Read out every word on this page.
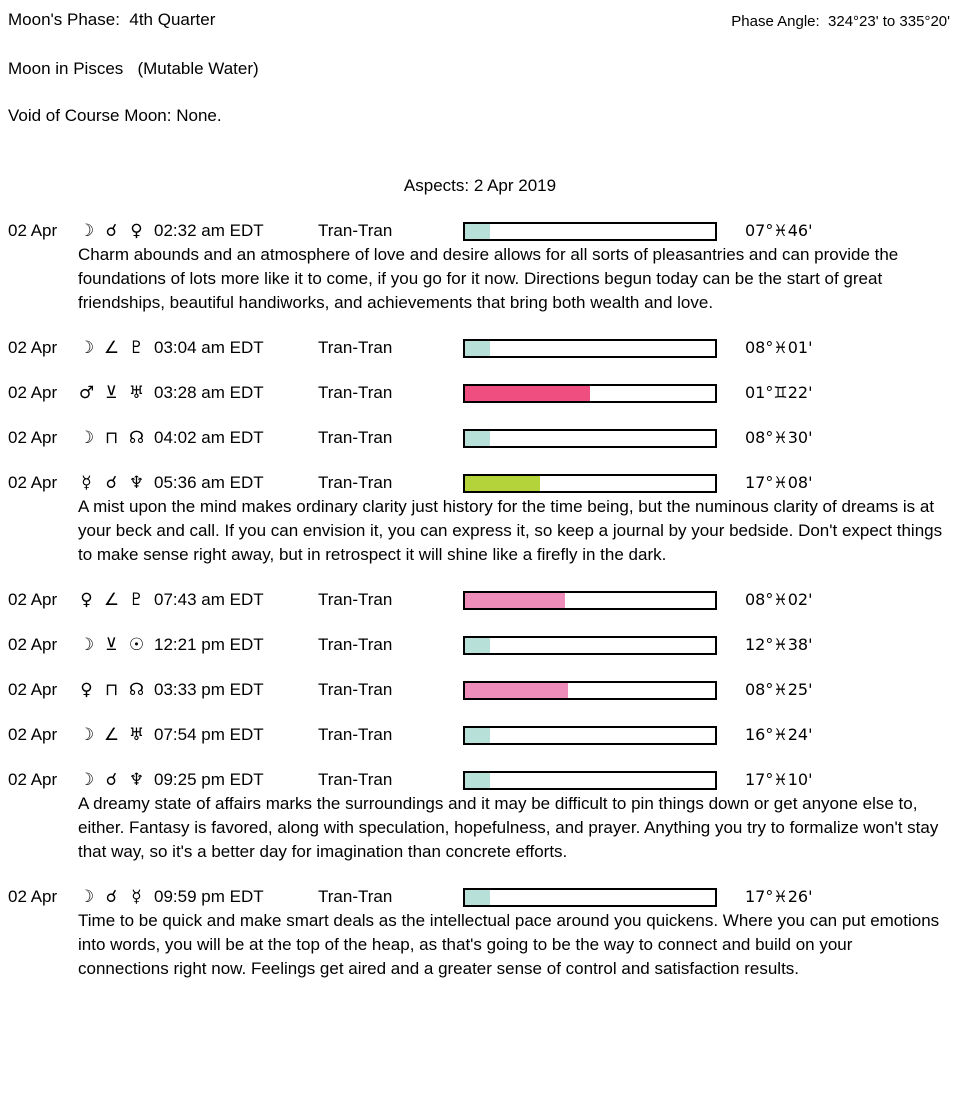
Moon's Phase:  4th Quarter	Phase Angle:  324°23' to 335°20'
Moon in Pisces   (Mutable Water)
Void of Course Moon: None.
Aspects: 2 Apr 2019
02 Apr	☽ ☌ ♀ 02:32 am EDT	Tran-Tran	07°♓46'
Charm abounds and an atmosphere of love and desire allows for all sorts of pleasantries and can provide the foundations of lots more like it to come, if you go for it now. Directions begun today can be the start of great friendships, beautiful handiworks, and achievements that bring both wealth and love.
02 Apr	☽ ∠ ♇ 03:04 am EDT	Tran-Tran	08°♓01'
02 Apr	♂ ⊻ ♅ 03:28 am EDT	Tran-Tran	01°♊22'
02 Apr	☽ ⊓ ☊ 04:02 am EDT	Tran-Tran	08°♓30'
02 Apr	☿ ☌ ♆ 05:36 am EDT	Tran-Tran	17°♓08'
A mist upon the mind makes ordinary clarity just history for the time being, but the numinous clarity of dreams is at your beck and call. If you can envision it, you can express it, so keep a journal by your bedside. Don't expect things to make sense right away, but in retrospect it will shine like a firefly in the dark.
02 Apr	♀ ∠ ♇ 07:43 am EDT	Tran-Tran	08°♓02'
02 Apr	☽ ⊻ ☉ 12:21 pm EDT	Tran-Tran	12°♓38'
02 Apr	♀ ⊓ ☊ 03:33 pm EDT	Tran-Tran	08°♓25'
02 Apr	☽ ∠ ♅ 07:54 pm EDT	Tran-Tran	16°♓24'
02 Apr	☽ ☌ ♆ 09:25 pm EDT	Tran-Tran	17°♓10'
A dreamy state of affairs marks the surroundings and it may be difficult to pin things down or get anyone else to, either. Fantasy is favored, along with speculation, hopefulness, and prayer. Anything you try to formalize won't stay that way, so it's a better day for imagination than concrete efforts.
02 Apr	☽ ☌ ☿ 09:59 pm EDT	Tran-Tran	17°♓26'
Time to be quick and make smart deals as the intellectual pace around you quickens. Where you can put emotions into words, you will be at the top of the heap, as that's going to be the way to connect and build on your connections right now. Feelings get aired and a greater sense of control and satisfaction results.
